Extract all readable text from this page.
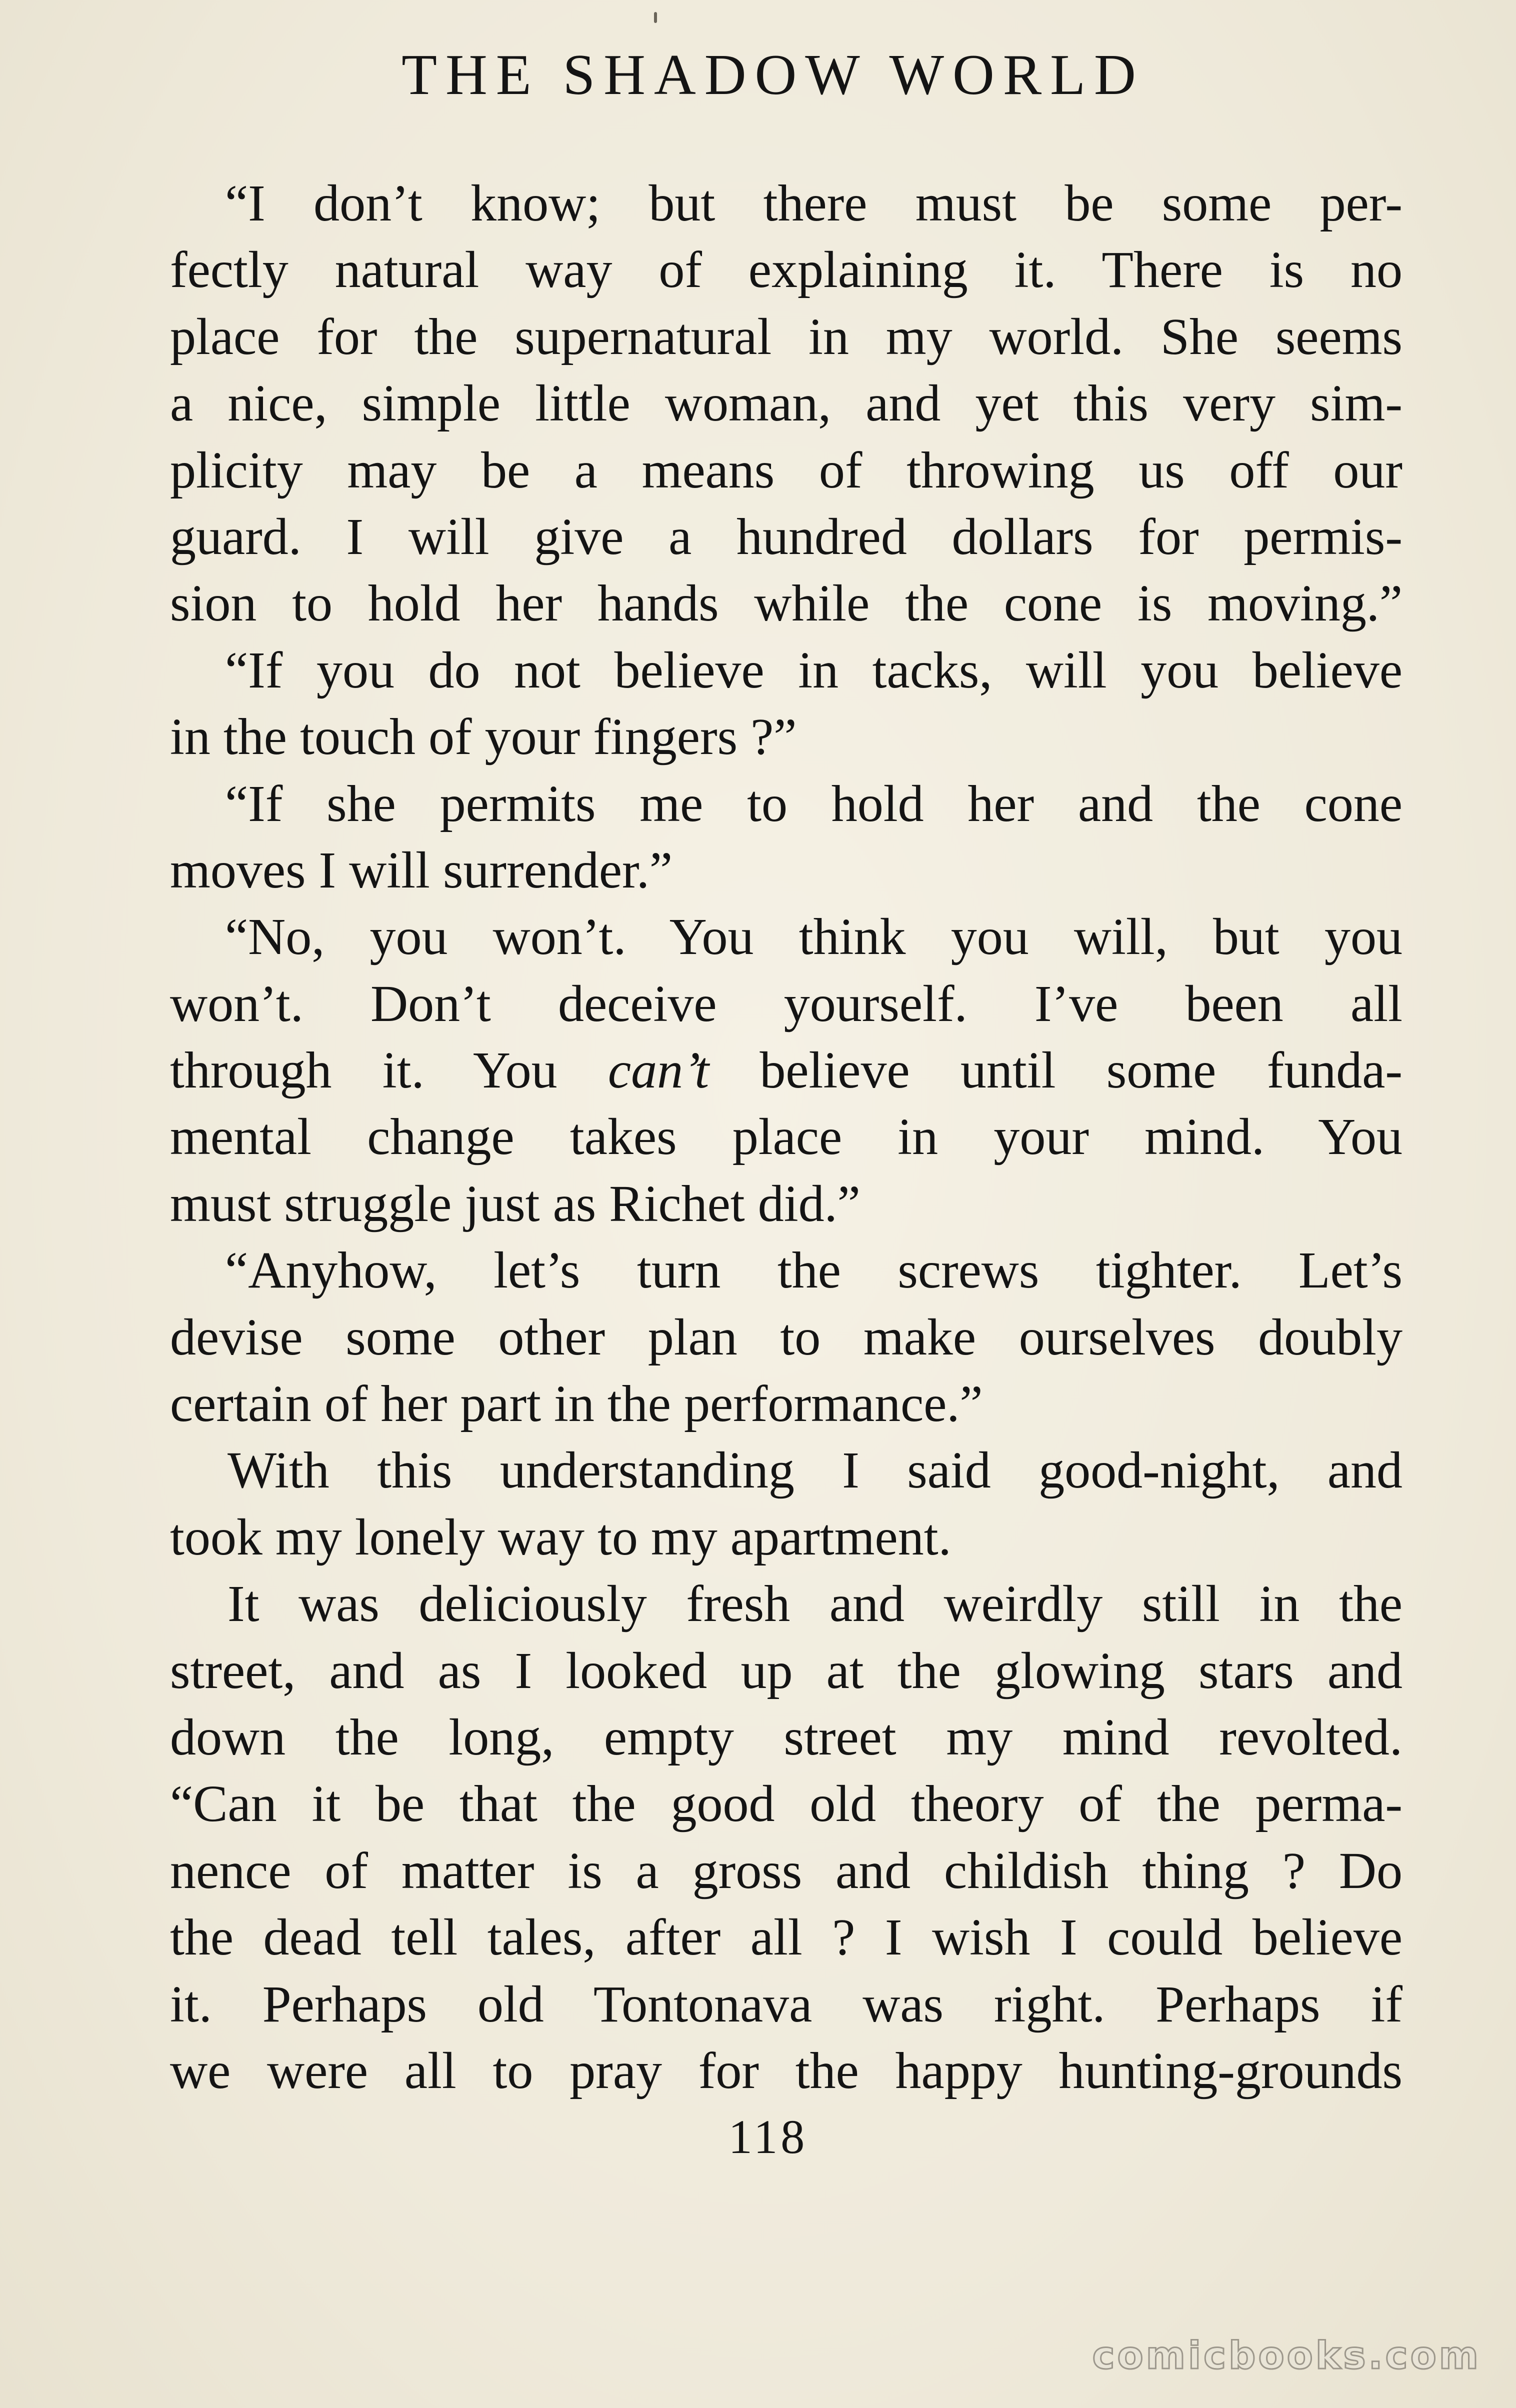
THE SHADOW WORLD
“I don’t know; but there must be some per-
fectly natural way of explaining it. There is no
place for the supernatural in my world. She seems
a nice, simple little woman, and yet this very sim-
plicity may be a means of throwing us off our
guard. I will give a hundred dollars for permis-
sion to hold her hands while the cone is moving.”
“If you do not believe in tacks, will you believe
in the touch of your fingers ?”
“If she permits me to hold her and the cone
moves I will surrender.”
“No, you won’t. You think you will, but you
won’t. Don’t deceive yourself. I’ve been all
through it. You can’t believe until some funda-
mental change takes place in your mind. You
must struggle just as Richet did.”
“Anyhow, let’s turn the screws tighter. Let’s
devise some other plan to make ourselves doubly
certain of her part in the performance.”
With this understanding I said good-night, and
took my lonely way to my apartment.
It was deliciously fresh and weirdly still in the
street, and as I looked up at the glowing stars and
down the long, empty street my mind revolted.
“Can it be that the good old theory of the perma-
nence of matter is a gross and childish thing ? Do
the dead tell tales, after all ? I wish I could believe
it. Perhaps old Tontonava was right. Perhaps if
we were all to pray for the happy hunting-grounds
118
comicbooks.com
